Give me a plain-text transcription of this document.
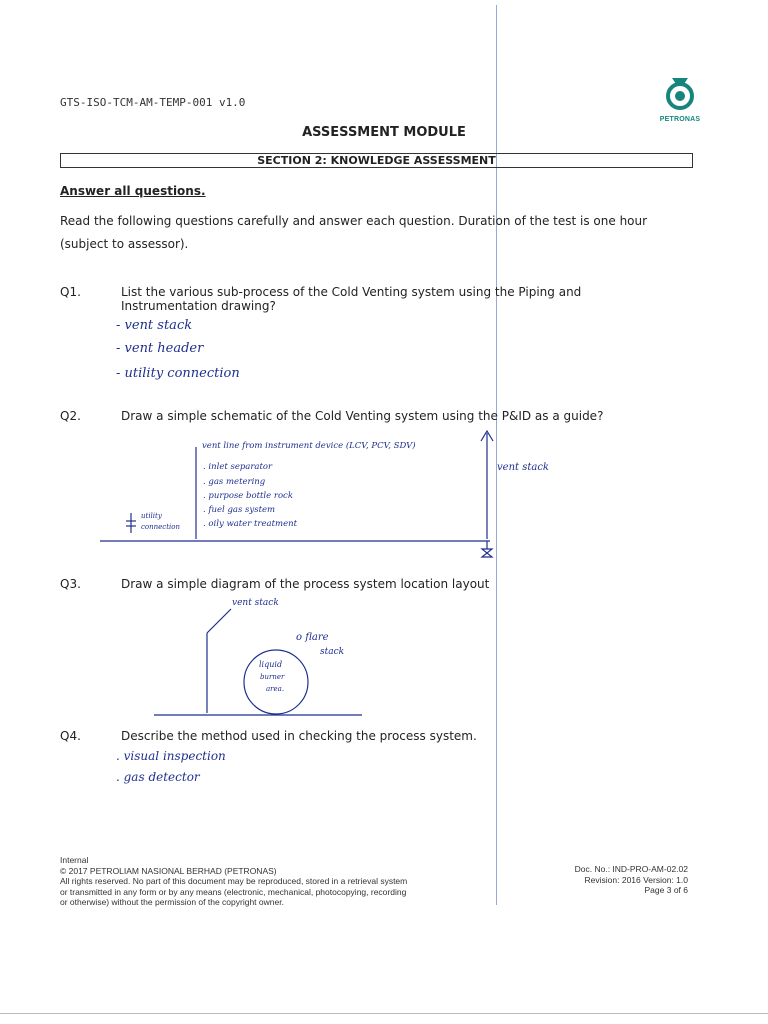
GTS-ISO-TCM-AM-TEMP-001 v1.0
PETRONAS
ASSESSMENT MODULE
SECTION 2: KNOWLEDGE ASSESSMENT
Answer all questions.
Read the following questions carefully and answer each question. Duration of the test is one hour (subject to assessor).
Q1.	List the various sub-process of the Cold Venting system using the Piping and Instrumentation drawing?
- vent stack
- vent header
- utility connection
Q2.	Draw a simple schematic of the Cold Venting system using the P&ID as a guide?
vent line from instrument device (LCV, PCV, SDV)
. inlet separator
. gas metering
. purpose bottle rock
. fuel gas system
. oily water treatment
vent stack
utility
connection
Q3.	Draw a simple diagram of the process system location layout
vent stack
o flare
stack
liquid
burner
area.
Q4.	Describe the method used in checking the process system.
. visual inspection
. gas detector
Internal
© 2017 PETROLIAM NASIONAL BERHAD (PETRONAS)
All rights reserved. No part of this document may be reproduced, stored in a retrieval system
or transmitted in any form or by any means (electronic, mechanical, photocopying, recording
or otherwise) without the permission of the copyright owner.
Doc. No.: IND-PRO-AM-02.02
Revision: 2016 Version: 1.0
Page 3 of 6
